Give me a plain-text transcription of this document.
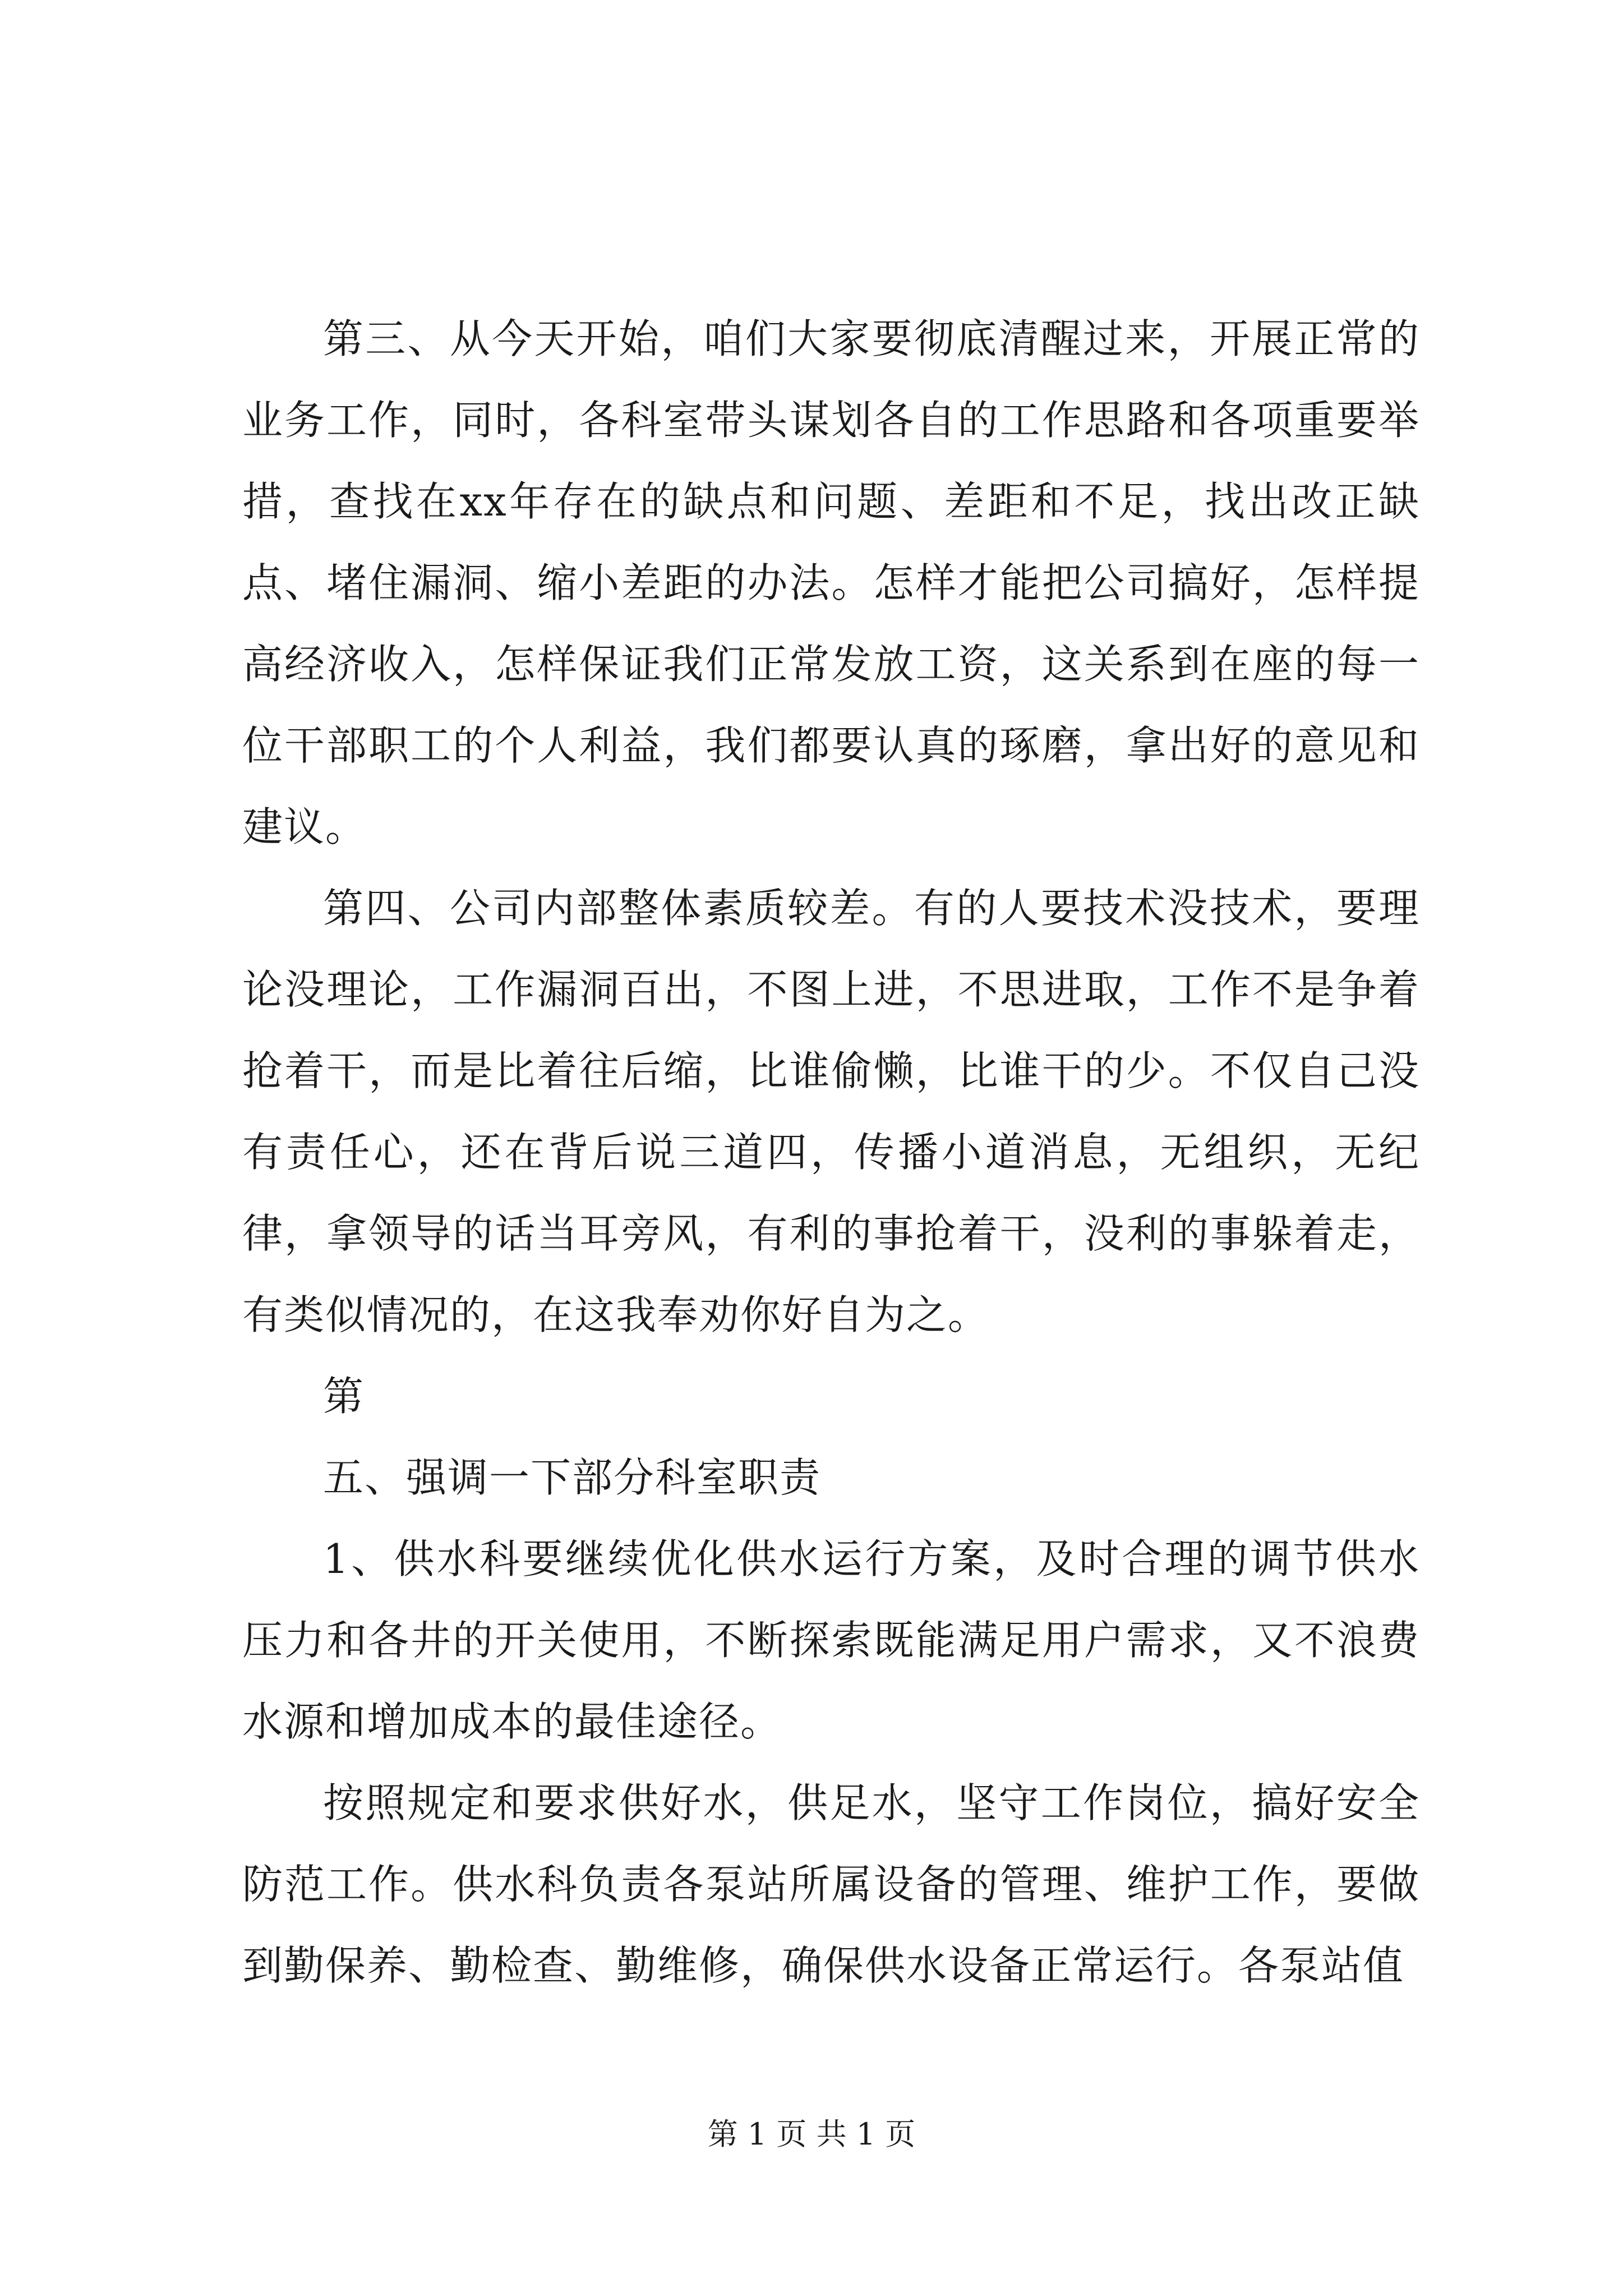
第三、从今天开始，咱们大家要彻底清醒过来，开展正常的业务工作，同时，各科室带头谋划各自的工作思路和各项重要举措，查找在xx年存在的缺点和问题、差距和不足，找出改正缺点、堵住漏洞、缩小差距的办法。怎样才能把公司搞好，怎样提高经济收入，怎样保证我们正常发放工资，这关系到在座的每一位干部职工的个人利益，我们都要认真的琢磨，拿出好的意见和建议。

第四、公司内部整体素质较差。有的人要技术没技术，要理论没理论，工作漏洞百出，不图上进，不思进取，工作不是争着抢着干，而是比着往后缩，比谁偷懒，比谁干的少。不仅自己没有责任心，还在背后说三道四，传播小道消息，无组织，无纪律，拿领导的话当耳旁风，有利的事抢着干，没利的事躲着走，有类似情况的，在这我奉劝你好自为之。

第

五、强调一下部分科室职责

1、供水科要继续优化供水运行方案，及时合理的调节供水压力和各井的开关使用，不断探索既能满足用户需求，又不浪费水源和增加成本的最佳途径。

按照规定和要求供好水，供足水，坚守工作岗位，搞好安全防范工作。供水科负责各泵站所属设备的管理、维护工作，要做到勤保养、勤检查、勤维修，确保供水设备正常运行。各泵站值

第 1 页 共 1 页
